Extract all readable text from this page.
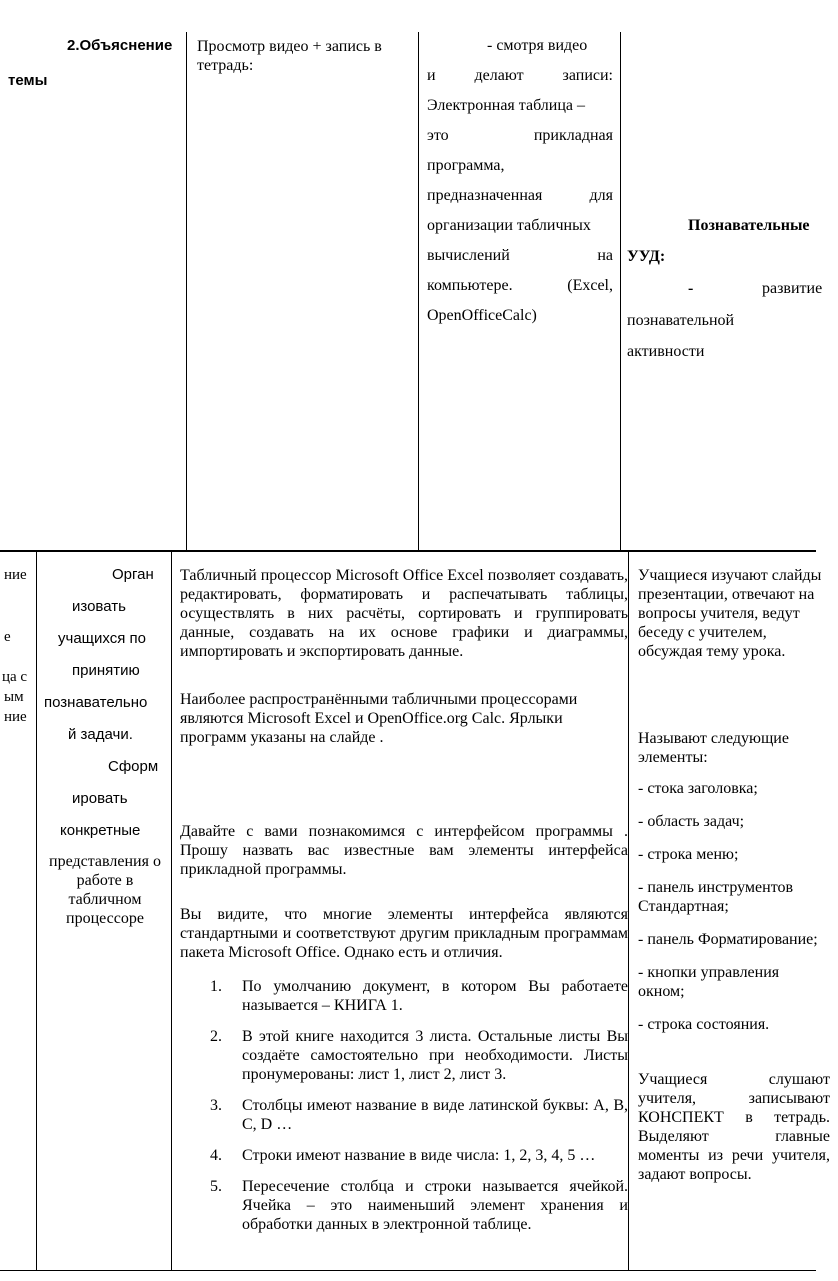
2.Объяснение
темы
Просмотр видео + запись в тетрадь:
- смотря видео
и делают записи:
Электронная таблица –
это прикладная
программа,
предназначенная для
организации табличных
вычислений на
компьютере. (Excel,
OpenOfficeCalc)
Познавательные
УУД:
-	развитие
познавательной
активности
ние
е
ца с
ым
ние
Орган
изовать
учащихся по
принятию
познавательно
й задачи.
Сформ
ировать
конкретные
представления о работе в табличном процессоре
Табличный процессор Microsoft Office Excel позволяет создавать, редактировать, форматировать и распечатывать таблицы, осуществлять в них расчёты, сортировать и группировать данные, создавать на их основе графики и диаграммы, импортировать и экспортировать данные.
Наиболее распространёнными табличными процессорами являются Microsoft Excel и OpenOffice.org Calc. Ярлыки программ указаны на слайде .
Давайте с вами познакомимся с интерфейсом программы . Прошу назвать вас известные вам элементы интерфейса прикладной программы.
Вы видите, что многие элементы интерфейса являются стандартными и соответствуют другим прикладным программам пакета Microsoft Office. Однако есть и отличия.
1. По умолчанию документ, в котором Вы работаете называется – КНИГА 1.
2. В этой книге находится 3 листа. Остальные листы Вы создаёте самостоятельно при необходимости. Листы пронумерованы: лист 1, лист 2, лист 3.
3. Столбцы имеют название в виде латинской буквы: A, B, C, D …
4. Строки имеют название в виде числа: 1, 2, 3, 4, 5 …
5. Пересечение столбца и строки называется ячейкой. Ячейка – это наименьший элемент хранения и обработки данных в электронной таблице.
Учащиеся изучают слайды презентации, отвечают на вопросы учителя, ведут беседу с учителем, обсуждая тему урока.
Называют следующие элементы:

- стока заголовка;

- область задач;

- строка меню;

- панель инструментов Стандартная;

- панель Форматирование;

- кнопки управления окном;

- строка состояния.

Учащиеся слушают учителя, записывают КОНСПЕКТ в тетрадь. Выделяют главные моменты из речи учителя, задают вопросы.
